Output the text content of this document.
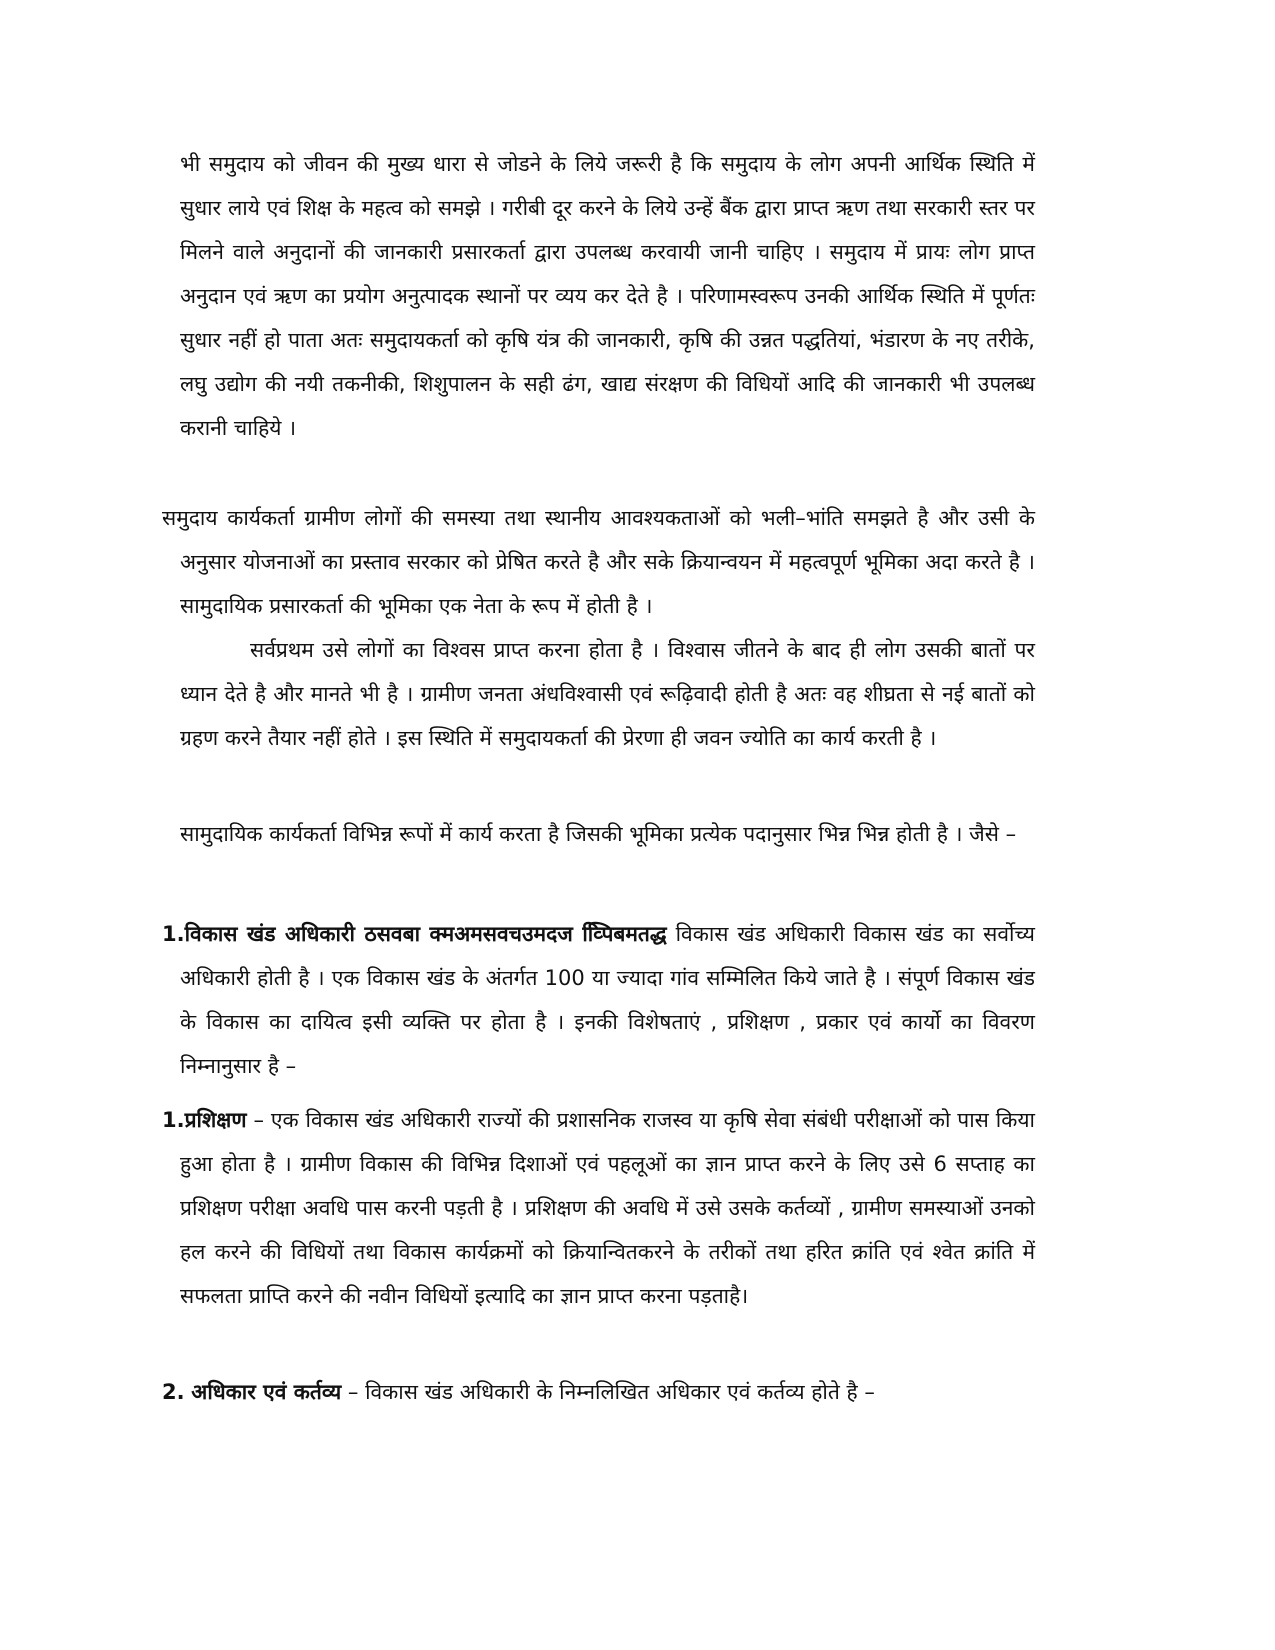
भी समुदाय को जीवन की मुख्य धारा से जोडने के लिये जरूरी है कि समुदाय के लोग अपनी आर्थिक स्थिति में सुधार लाये एवं शिक्ष के महत्व को समझे । गरीबी दूर करने के लिये उन्हें बैंक द्वारा प्राप्त ऋण तथा सरकारी स्तर पर मिलने वाले अनुदानों की जानकारी प्रसारकर्ता द्वारा उपलब्ध करवायी जानी चाहिए । समुदाय में प्रायः लोग प्राप्त अनुदान एवं ऋण का प्रयोग अनुत्पादक स्थानों पर व्यय कर देते है । परिणामस्वरूप उनकी आर्थिक स्थिति में पूर्णतः सुधार नहीं हो पाता अतः समुदायकर्ता को कृषि यंत्र की जानकारी, कृषि की उन्नत पद्धतियां, भंडारण के नए तरीके, लघु उद्योग की नयी तकनीकी, शिशुपालन के सही ढंग, खाद्य संरक्षण की विधियों आदि की जानकारी भी उपलब्ध करानी चाहिये ।

समुदाय कार्यकर्ता ग्रामीण लोगों की समस्या तथा स्थानीय आवश्यकताओं को भली–भांति समझते है और उसी के अनुसार योजनाओं का प्रस्ताव सरकार को प्रेषित करते है और सके क्रियान्वयन में महत्वपूर्ण भूमिका अदा करते है । सामुदायिक प्रसारकर्ता की भूमिका एक नेता के रूप में होती है ।

सर्वप्रथम उसे लोगों का विश्वस प्राप्त करना होता है । विश्वास जीतने के बाद ही लोग उसकी बातों पर ध्यान देते है और मानते भी है । ग्रामीण जनता अंधविश्वासी एवं रूढ़िवादी होती है अतः वह शीघ्रता से नई बातों को ग्रहण करने तैयार नहीं होते । इस स्थिति में समुदायकर्ता की प्रेरणा ही जवन ज्योति का कार्य करती है ।

सामुदायिक कार्यकर्ता विभिन्न रूपों में कार्य करता है जिसकी भूमिका प्रत्येक पदानुसार भिन्न भिन्न होती है । जैसे –

1.विकास खंड अधिकारी ठसवबा क्मअमसवचउमदज व्पििबमतद्ध विकास खंड अधिकारी विकास खंड का सर्वोच्य अधिकारी होती है । एक विकास खंड के अंतर्गत 100 या ज्यादा गांव सम्मिलित किये जाते है । संपूर्ण विकास खंड के विकास का दायित्व इसी व्यक्ति पर होता है । इनकी विशेषताएं , प्रशिक्षण , प्रकार एवं कार्यो का विवरण निम्नानुसार है –

1.प्रशिक्षण – एक विकास खंड अधिकारी राज्यों की प्रशासनिक राजस्व या कृषि सेवा संबंधी परीक्षाओं को पास किया हुआ होता है । ग्रामीण विकास की विभिन्न दिशाओं एवं पहलूओं का ज्ञान प्राप्त करने के लिए उसे 6 सप्ताह का प्रशिक्षण परीक्षा अवधि पास करनी पड़ती है । प्रशिक्षण की अवधि में उसे उसके कर्तव्यों , ग्रामीण समस्याओं उनको हल करने की विधियों तथा विकास कार्यक्रमों को क्रियान्वितकरने के तरीकों तथा हरित क्रांति एवं श्वेत क्रांति में सफलता प्राप्ति करने की नवीन विधियों इत्यादि का ज्ञान प्राप्त करना पड़ताहै।

2. अधिकार एवं कर्तव्य – विकास खंड अधिकारी के निम्नलिखित अधिकार एवं कर्तव्य होते है –
